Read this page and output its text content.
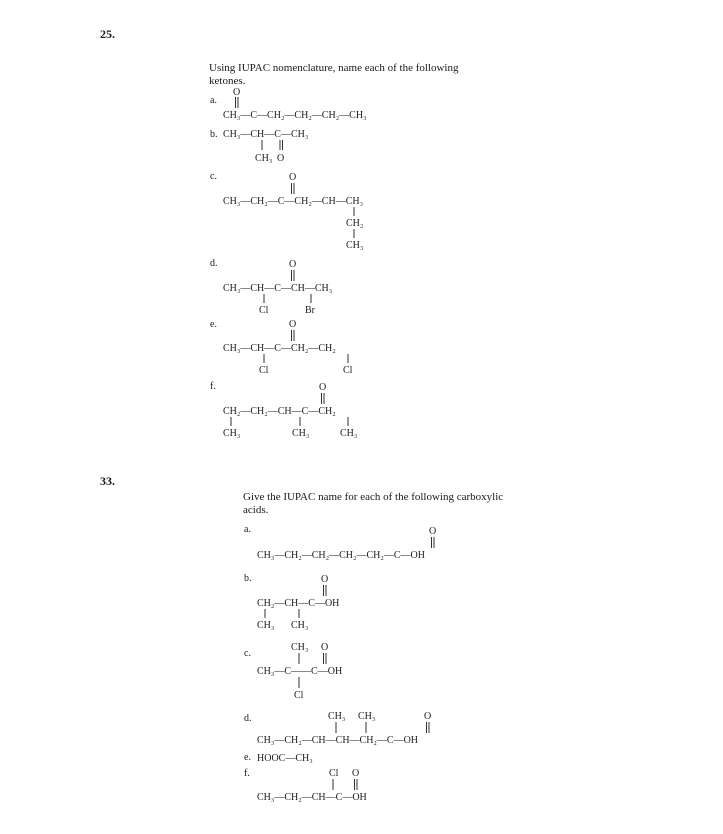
25.
Using IUPAC nomenclature, name each of the following
ketones.
a.
O
CH₃—C—CH₂—CH₂—CH₂—CH₃
b. CH₃—CH—C—CH₃
CH₃ O
c.	O
CH₃—CH₂—C—CH₂—CH—CH₃
CH₂
CH₃
d.	O
CH₃—CH—C—CH—CH₃
Cl	Br
e.	O
CH₃—CH—C—CH₂—CH₂
Cl	Cl
f.	O
CH₂—CH₂—CH—C—CH₂
CH₃	CH₃	CH₃
33.
Give the IUPAC name for each of the following carboxylic
acids.
a.	O
CH₃—CH₂—CH₂—CH₂—CH₂—C—OH
b.	O
CH₂—CH—C—OH
CH₃ CH₃
c.
CH₃ O
CH₃—C——C—OH
Cl
d.	CH₃ CH₃	O
CH₃—CH₂—CH—CH—CH₂—C—OH
e. HOOC—CH₃
f.	Cl O
CH₃—CH₂—CH—C—OH
